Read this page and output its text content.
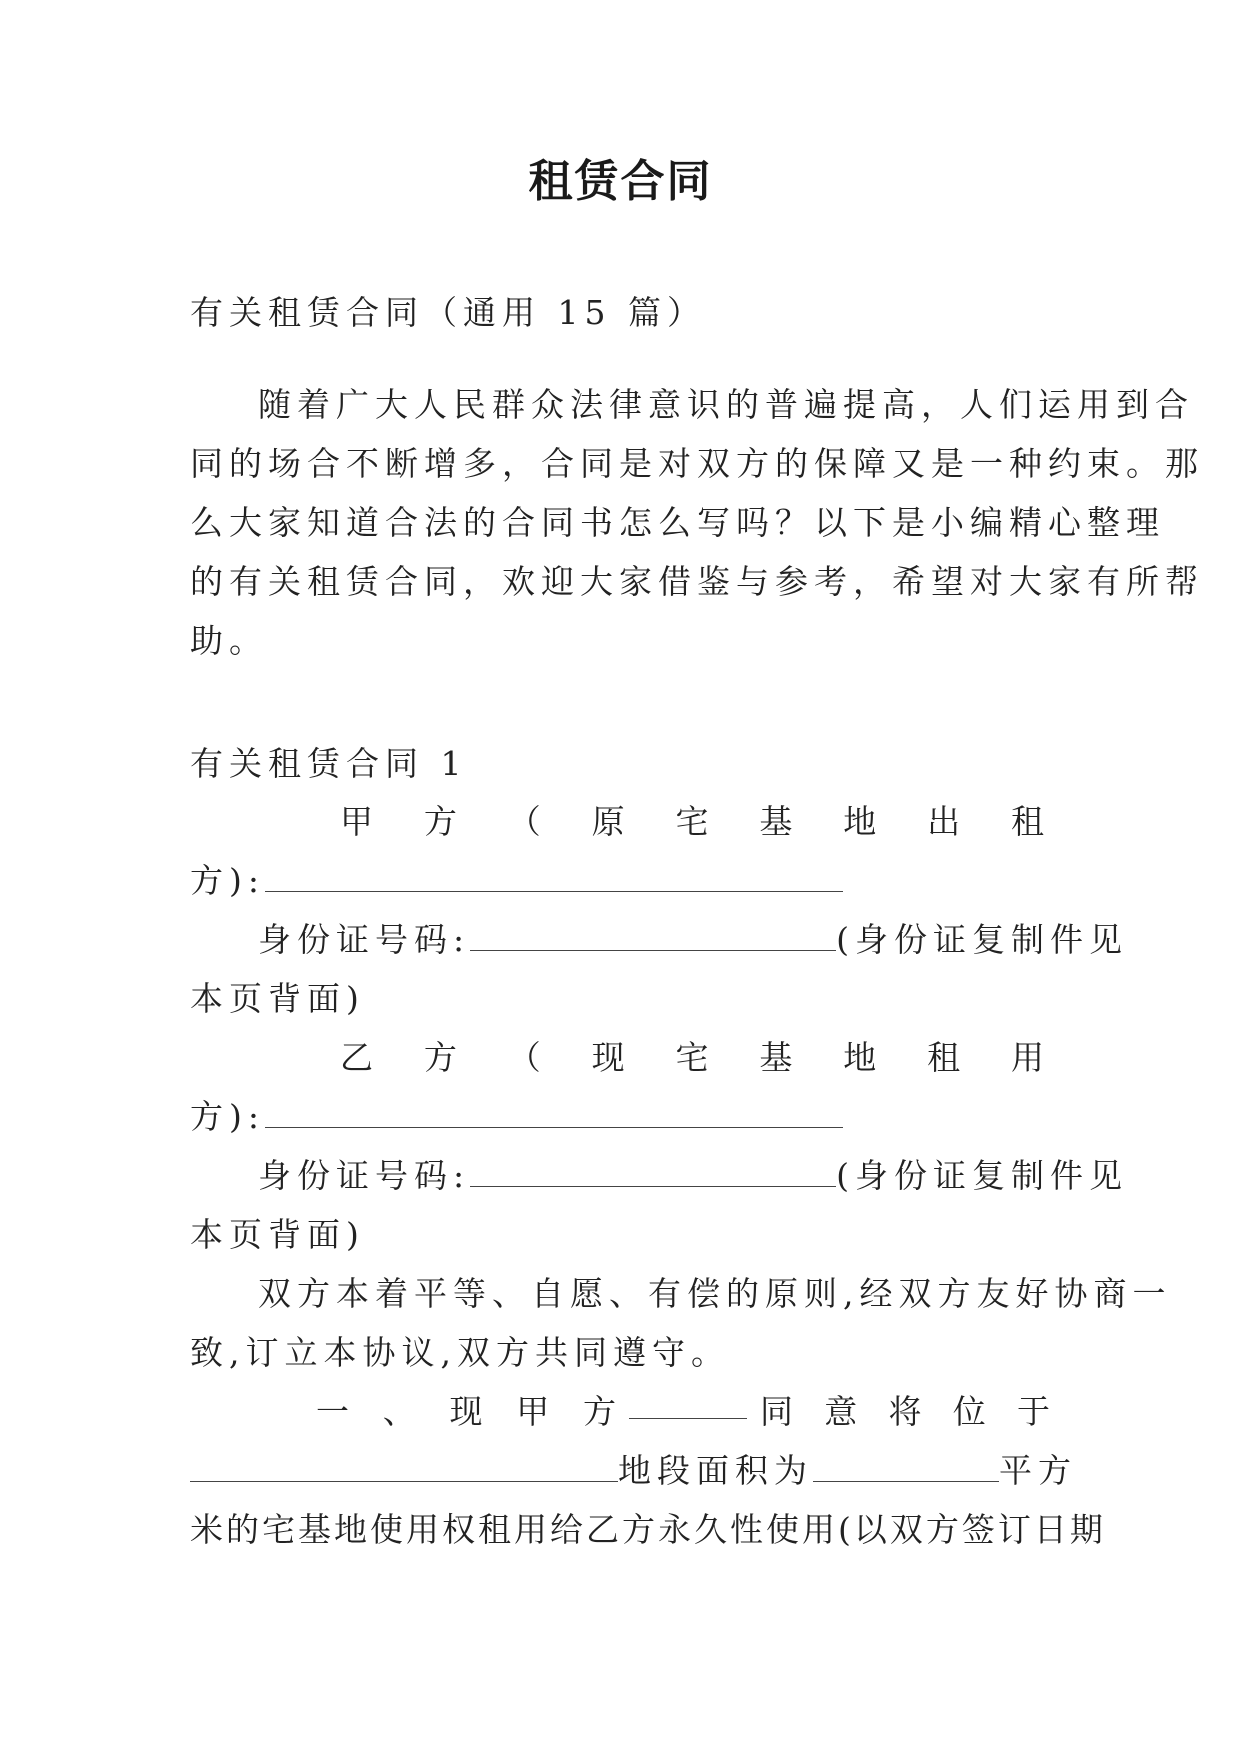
租赁合同
有关租赁合同（通用 15 篇）
随着广大人民群众法律意识的普遍提高，人们运用到合
同的场合不断增多，合同是对双方的保障又是一种约束。那
么大家知道合法的合同书怎么写吗？以下是小编精心整理
的有关租赁合同，欢迎大家借鉴与参考，希望对大家有所帮
助。
有关租赁合同 1
甲方（原宅基地出租
方):
身份证号码:	(身份证复制件见
本页背面)
乙方（现宅基地租用
方):
身份证号码:	(身份证复制件见
本页背面)
双方本着平等、自愿、有偿的原则,经双方友好协商一
致,订立本协议,双方共同遵守。
一、现甲方	同意将位于
地段面积为	平方
米的宅基地使用权租用给乙方永久性使用(以双方签订日期
